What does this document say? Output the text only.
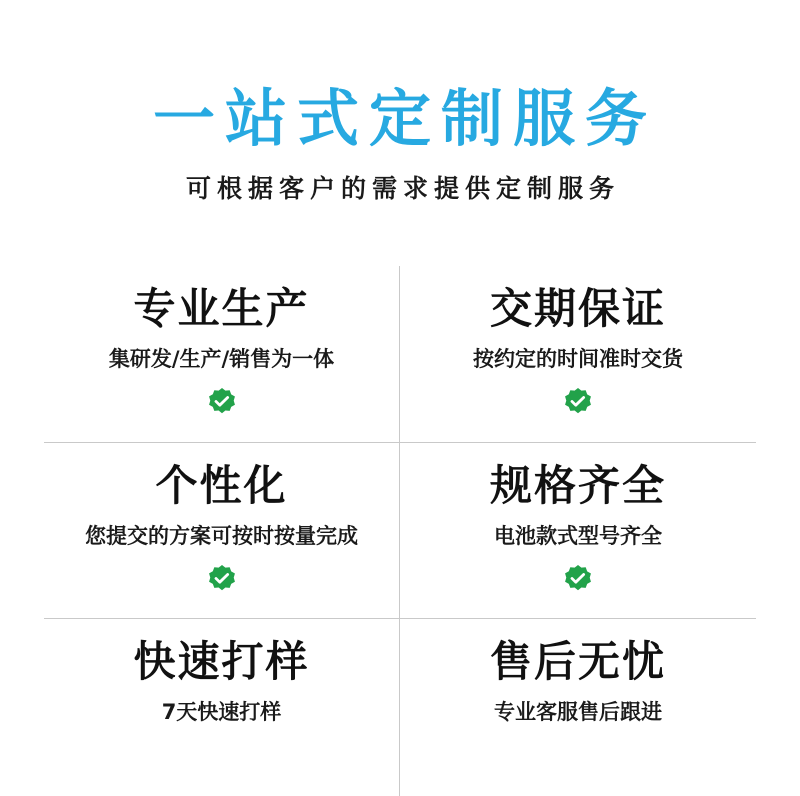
一站式定制服务
可根据客户的需求提供定制服务
专业生产
集研发/生产/销售为一体
交期保证
按约定的时间准时交货
个性化
您提交的方案可按时按量完成
规格齐全
电池款式型号齐全
快速打样
7天快速打样
售后无忧
专业客服售后跟进
